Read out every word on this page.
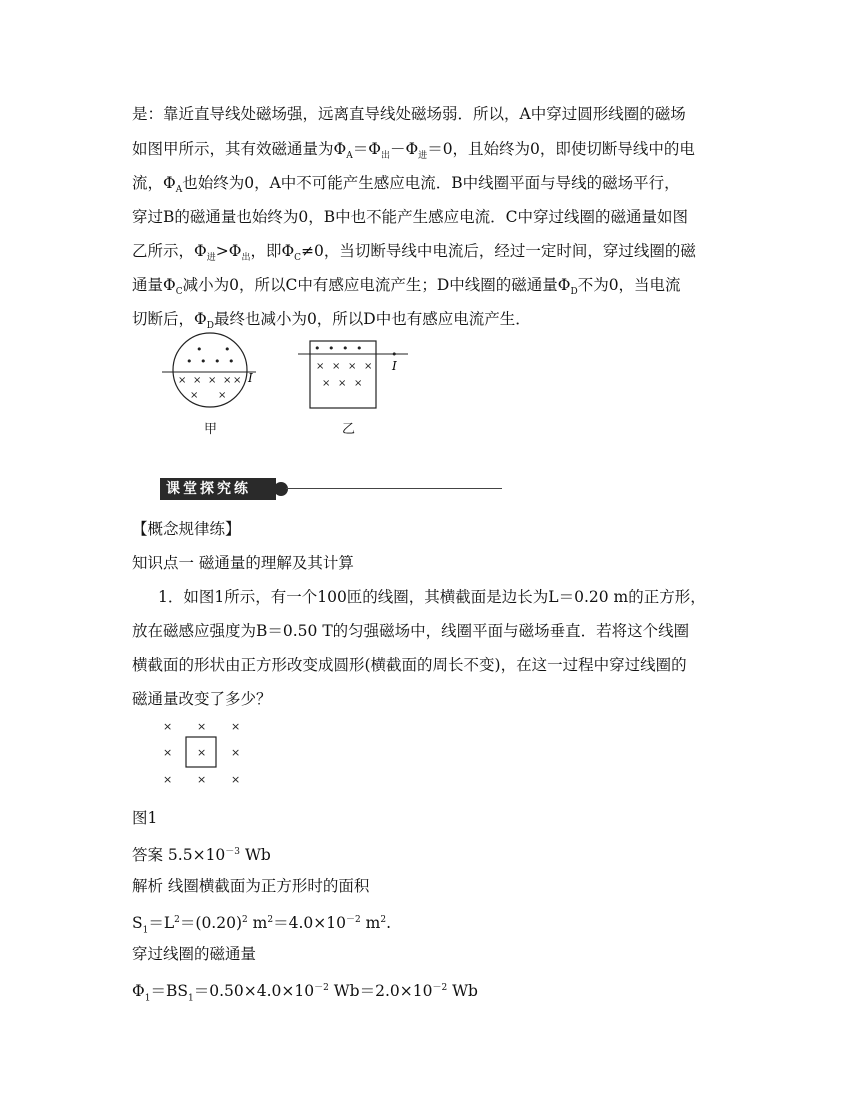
是：靠近直导线处磁场强，远离直导线处磁场弱．所以，A中穿过圆形线圈的磁场
如图甲所示，其有效磁通量为$\Phi_A=\Phi_出-\Phi_进=0$，且始终为0，即使切断导线中的电
流，$\Phi_A$也始终为0，A中不可能产生感应电流．B中线圈平面与导线的磁场平行，
穿过B的磁通量也始终为0，B中也不能产生感应电流．C中穿过线圈的磁通量如图
乙所示，$\Phi_进>\Phi_出$，即$\Phi_C\ne 0$，当切断导线中电流后，经过一定时间，穿过线圈的磁
通量$\Phi_C$减小为0，所以C中有感应电流产生；D中线圈的磁通量$\Phi_D$不为0，当电流
切断后，$\Phi_D$最终也减小为0，所以D中也有感应电流产生．
• •
• • • •
× × × × ×
× ×
I
甲
• • • •	•
× × × ×
× × ×
I
乙
课堂探究练
【概念规律练】
知识点一 磁通量的理解及其计算
1．如图1所示，有一个100匝的线圈，其横截面是边长为L＝0.20 m的正方形，
放在磁感应强度为B＝0.50 T的匀强磁场中，线圈平面与磁场垂直．若将这个线圈
横截面的形状由正方形改变成圆形(横截面的周长不变)，在这一过程中穿过线圈的
磁通量改变了多少？
× × ×
× × ×
× × ×
图1
答案 $5.5\times 10^{-3}$ Wb
解析 线圈横截面为正方形时的面积
$S_1=L^2=(0.20)^2$ $m^2=4.0\times 10^{-2}$ $m^2$.
穿过线圈的磁通量
$\Phi_1=BS_1=0.50\times 4.0\times 10^{-2}$ $Wb=2.0\times 10^{-2}$ Wb
